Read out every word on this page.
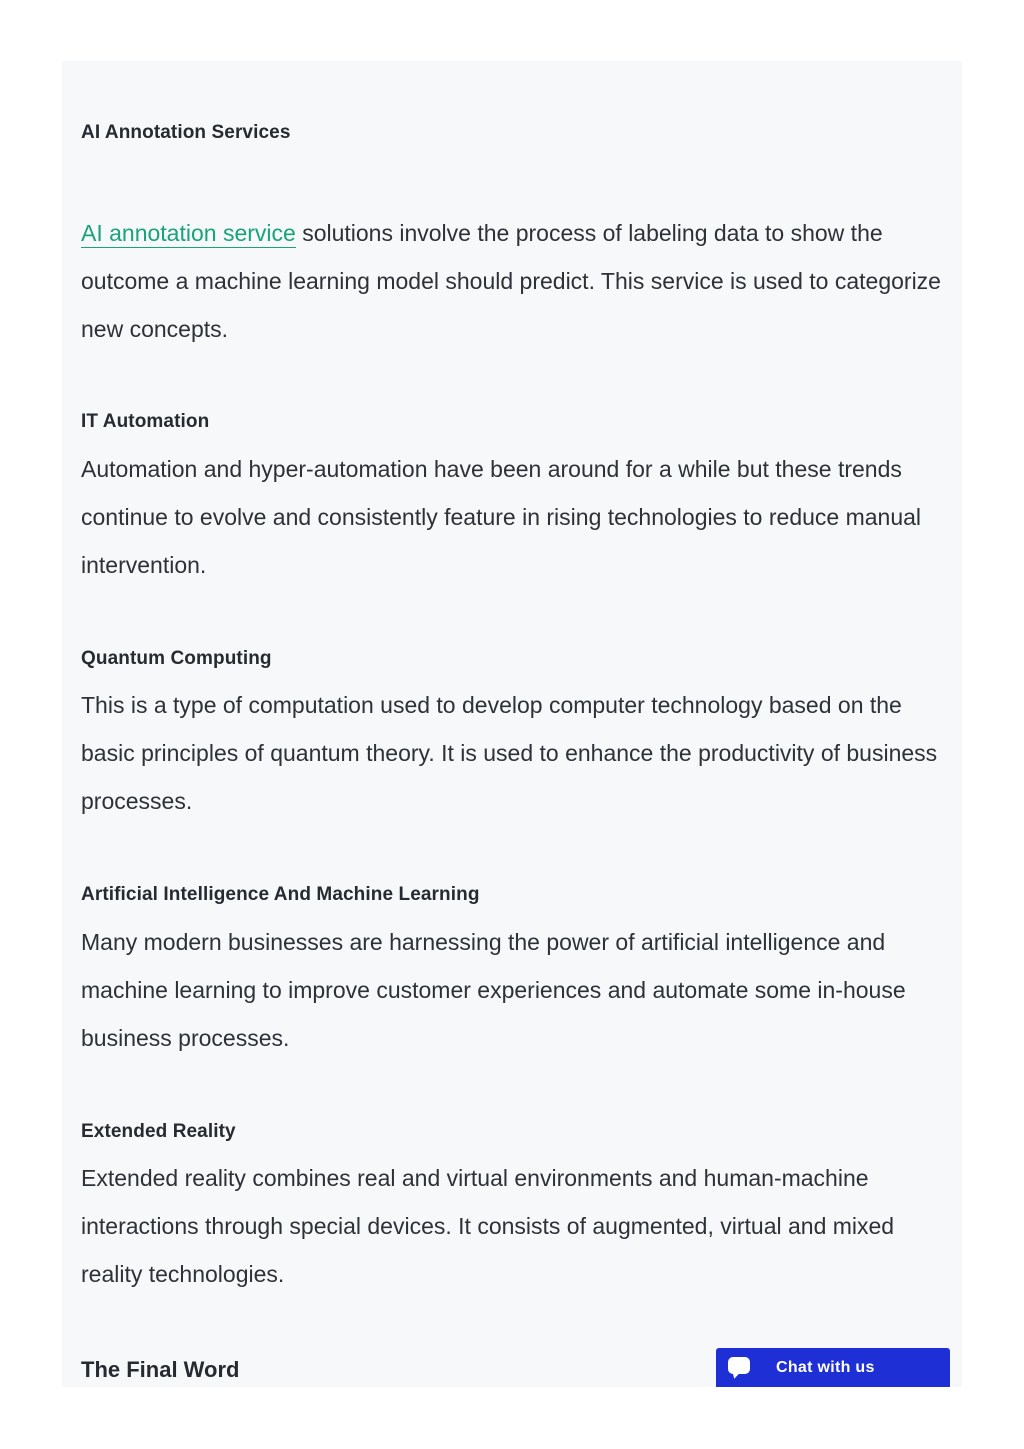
AI Annotation Services

AI annotation service solutions involve the process of labeling data to show the outcome a machine learning model should predict. This service is used to categorize new concepts.

IT Automation

Automation and hyper-automation have been around for a while but these trends continue to evolve and consistently feature in rising technologies to reduce manual intervention.

Quantum Computing

This is a type of computation used to develop computer technology based on the basic principles of quantum theory. It is used to enhance the productivity of business processes.

Artificial Intelligence And Machine Learning

Many modern businesses are harnessing the power of artificial intelligence and machine learning to improve customer experiences and automate some in-house business processes.

Extended Reality

Extended reality combines real and virtual environments and human-machine interactions through special devices. It consists of augmented, virtual and mixed reality technologies.

The Final Word	Chat with us
